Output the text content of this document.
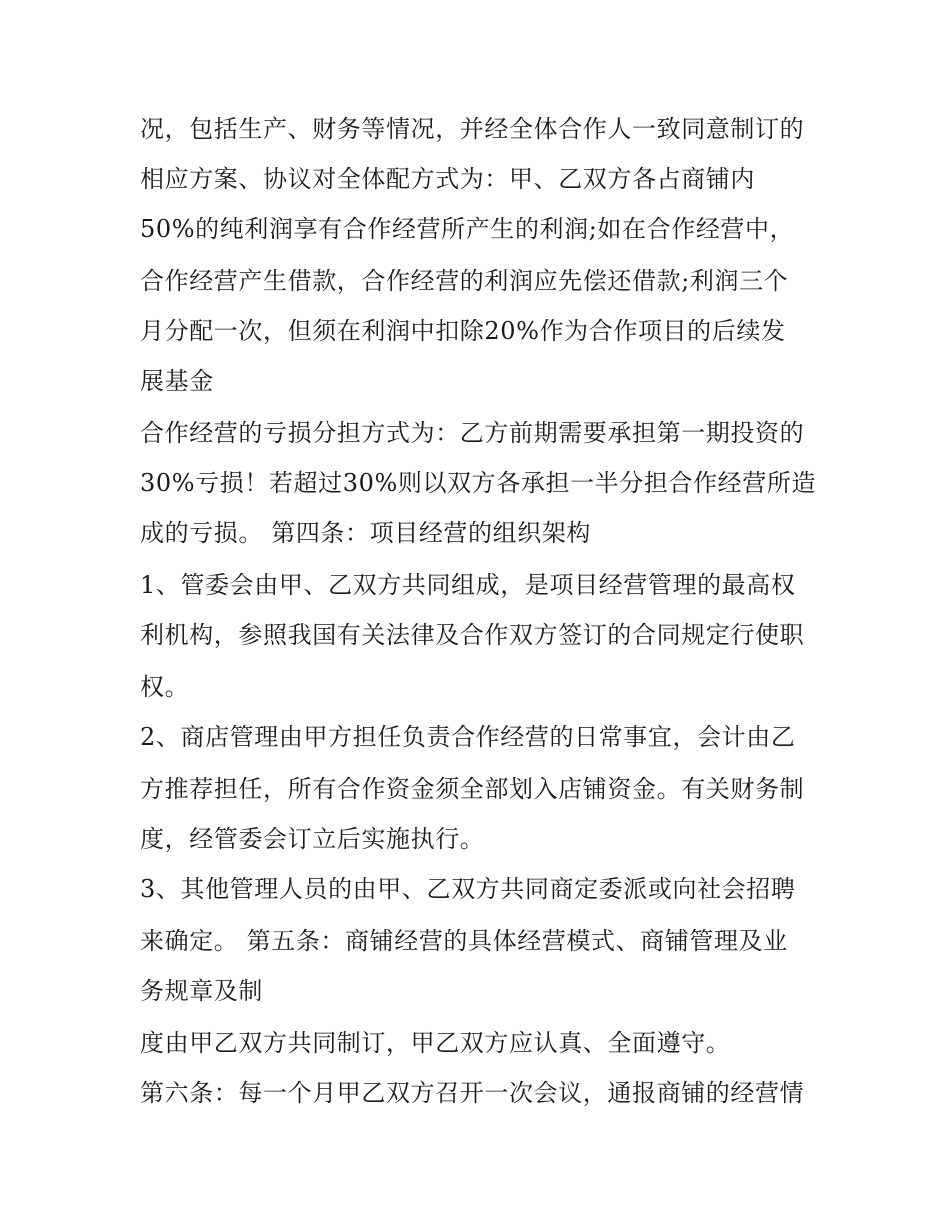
况，包括生产、财务等情况，并经全体合作人一致同意制订的
相应方案、协议对全体配方式为：甲、乙双方各占商铺内
50%的纯利润享有合作经营所产生的利润;如在合作经营中，
合作经营产生借款，合作经营的利润应先偿还借款;利润三个
月分配一次，但须在利润中扣除20%作为合作项目的后续发
展基金
合作经营的亏损分担方式为：乙方前期需要承担第一期投资的
30%亏损！若超过30%则以双方各承担一半分担合作经营所造
成的亏损。 第四条：项目经营的组织架构
1、管委会由甲、乙双方共同组成，是项目经营管理的最高权
利机构，参照我国有关法律及合作双方签订的合同规定行使职
权。
2、商店管理由甲方担任负责合作经营的日常事宜，会计由乙
方推荐担任，所有合作资金须全部划入店铺资金。有关财务制
度，经管委会订立后实施执行。
3、其他管理人员的由甲、乙双方共同商定委派或向社会招聘
来确定。 第五条：商铺经营的具体经营模式、商铺管理及业
务规章及制
度由甲乙双方共同制订，甲乙双方应认真、全面遵守。
第六条：每一个月甲乙双方召开一次会议，通报商铺的经营情
